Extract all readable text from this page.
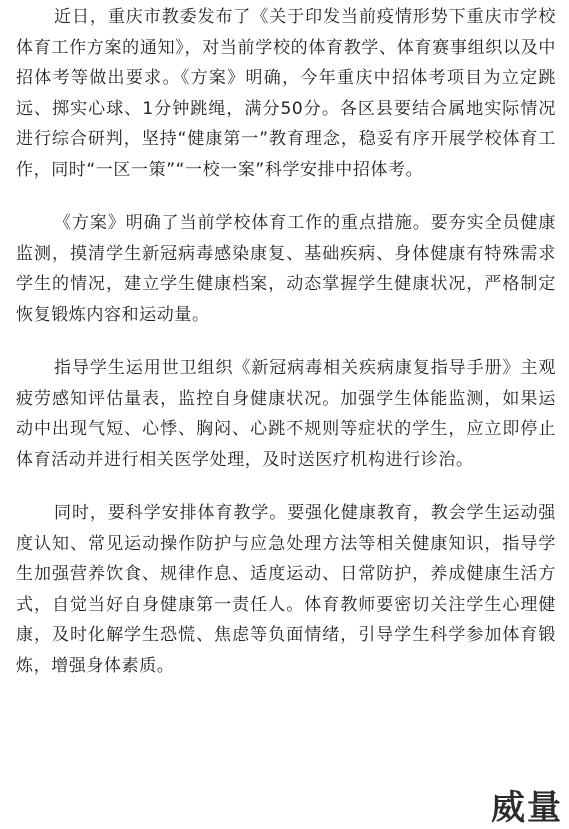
近日，重庆市教委发布了《关于印发当前疫情形势下重庆市学校体育工作方案的通知》，对当前学校的体育教学、体育赛事组织以及中招体考等做出要求。《方案》明确，今年重庆中招体考项目为立定跳远、掷实心球、1分钟跳绳，满分50分。各区县要结合属地实际情况进行综合研判，坚持“健康第一”教育理念，稳妥有序开展学校体育工作，同时“一区一策”“一校一案”科学安排中招体考。

《方案》明确了当前学校体育工作的重点措施。要夯实全员健康监测，摸清学生新冠病毒感染康复、基础疾病、身体健康有特殊需求学生的情况，建立学生健康档案，动态掌握学生健康状况，严格制定恢复锻炼内容和运动量。

指导学生运用世卫组织《新冠病毒相关疾病康复指导手册》主观疲劳感知评估量表，监控自身健康状况。加强学生体能监测，如果运动中出现气短、心悸、胸闷、心跳不规则等症状的学生，应立即停止体育活动并进行相关医学处理，及时送医疗机构进行诊治。

同时，要科学安排体育教学。要强化健康教育，教会学生运动强度认知、常见运动操作防护与应急处理方法等相关健康知识，指导学生加强营养饮食、规律作息、适度运动、日常防护，养成健康生活方式，自觉当好自身健康第一责任人。体育教师要密切关注学生心理健康，及时化解学生恐慌、焦虑等负面情绪，引导学生科学参加体育锻炼，增强身体素质。

威量
